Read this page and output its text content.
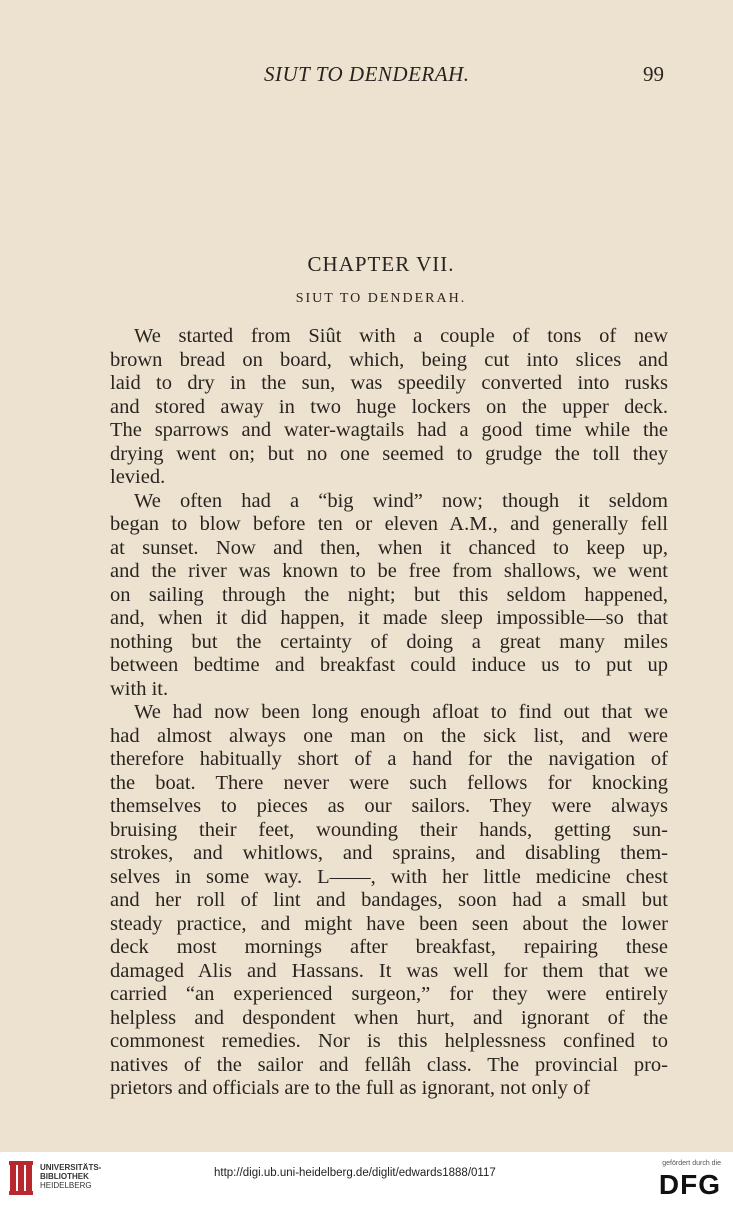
SIUT TO DENDERAH.	99
CHAPTER VII.
SIUT TO DENDERAH.
We started from Siût with a couple of tons of new
brown bread on board, which, being cut into slices and
laid to dry in the sun, was speedily converted into rusks
and stored away in two huge lockers on the upper deck.
The sparrows and water-wagtails had a good time while the
drying went on; but no one seemed to grudge the toll they
levied.
We often had a “big wind” now; though it seldom
began to blow before ten or eleven A.M., and generally fell
at sunset. Now and then, when it chanced to keep up,
and the river was known to be free from shallows, we went
on sailing through the night; but this seldom happened,
and, when it did happen, it made sleep impossible—so that
nothing but the certainty of doing a great many miles
between bedtime and breakfast could induce us to put up
with it.
We had now been long enough afloat to find out that we
had almost always one man on the sick list, and were
therefore habitually short of a hand for the navigation of
the boat. There never were such fellows for knocking
themselves to pieces as our sailors. They were always
bruising their feet, wounding their hands, getting sun-
strokes, and whitlows, and sprains, and disabling them-
selves in some way. L——, with her little medicine chest
and her roll of lint and bandages, soon had a small but
steady practice, and might have been seen about the lower
deck most mornings after breakfast, repairing these
damaged Alis and Hassans. It was well for them that we
carried “an experienced surgeon,” for they were entirely
helpless and despondent when hurt, and ignorant of the
commonest remedies. Nor is this helplessness confined to
natives of the sailor and fellâh class. The provincial pro-
prietors and officials are to the full as ignorant, not only of
UNIVERSITÄTS-
BIBLIOTHEK
HEIDELBERG
http://digi.ub.uni-heidelberg.de/diglit/edwards1888/0117
gefördert durch die
DFG
